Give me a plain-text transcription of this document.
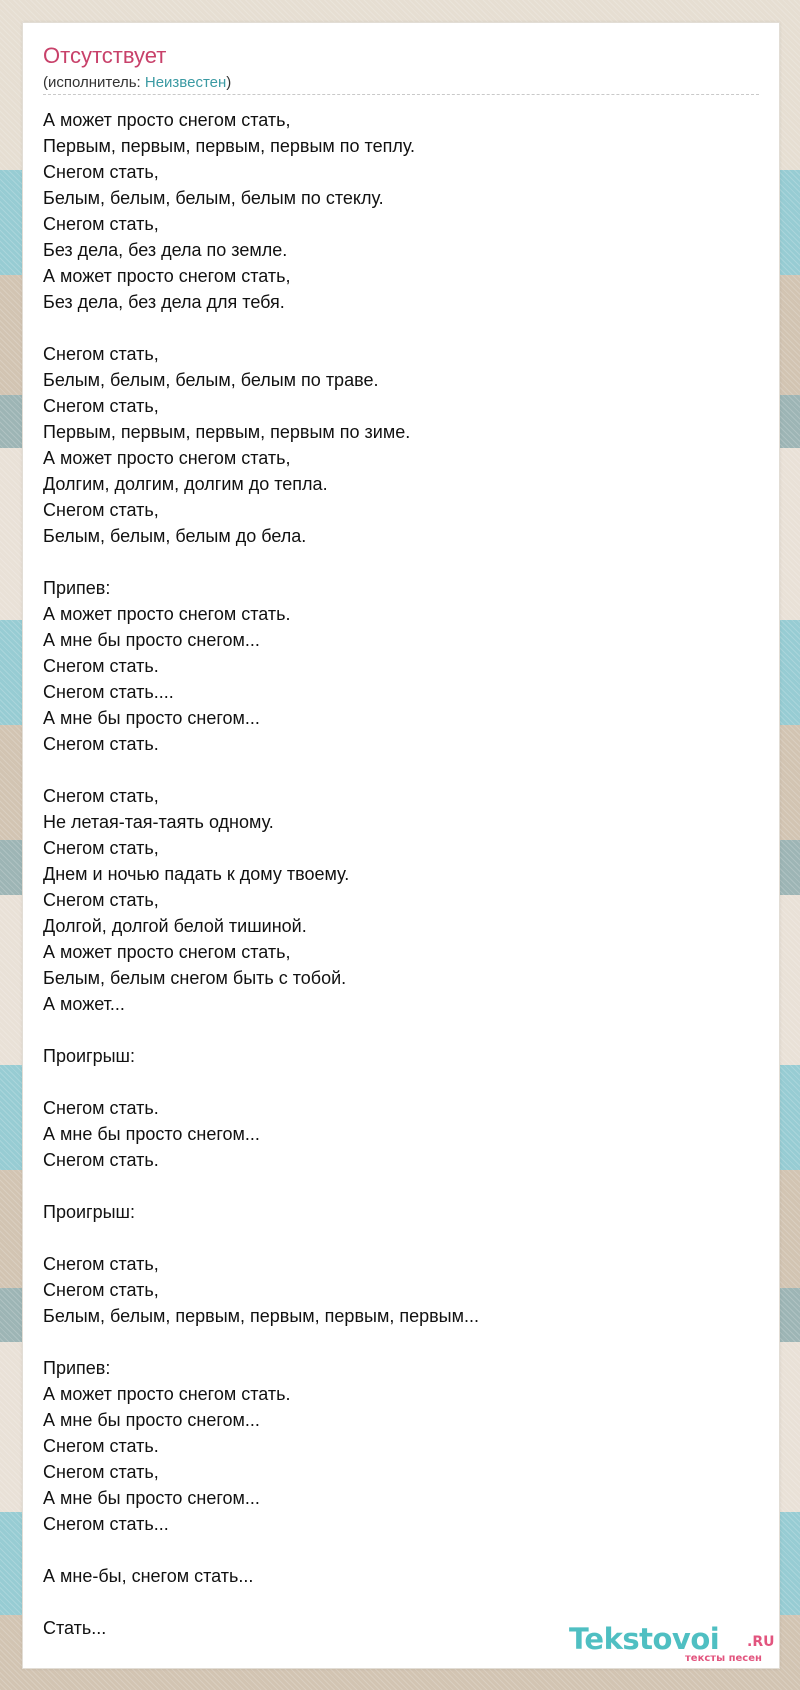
Отсутствует
(исполнитель: Неизвестен)
А может просто снегом стать,
Первым, первым, первым, первым по теплу.
Снегом стать,
Белым, белым, белым, белым по стеклу.
Снегом стать,
Без дела, без дела по земле.
А может просто снегом стать,
Без дела, без дела для тебя.
Снегом стать,
Белым, белым, белым, белым по траве.
Снегом стать,
Первым, первым, первым, первым по зиме.
А может просто снегом стать,
Долгим, долгим, долгим до тепла.
Снегом стать,
Белым, белым, белым до бела.
Припев:
А может просто снегом стать.
А мне бы просто снегом...
Снегом стать.
Снегом стать....
А мне бы просто снегом...
Снегом стать.
Снегом стать,
Не летая-тая-таять одному.
Снегом стать,
Днем и ночью падать к дому твоему.
Снегом стать,
Долгой, долгой белой тишиной.
А может просто снегом стать,
Белым, белым снегом быть с тобой.
А может...
Проигрыш:
Снегом стать.
А мне бы просто снегом...
Снегом стать.
Проигрыш:
Снегом стать,
Снегом стать,
Белым, белым, первым, первым, первым, первым...
Припев:
А может просто снегом стать.
А мне бы просто снегом...
Снегом стать.
Снегом стать,
А мне бы просто снегом...
Снегом стать...
А мне-бы, снегом стать...
Стать...	Tekstovoi .RU
тексты песен
